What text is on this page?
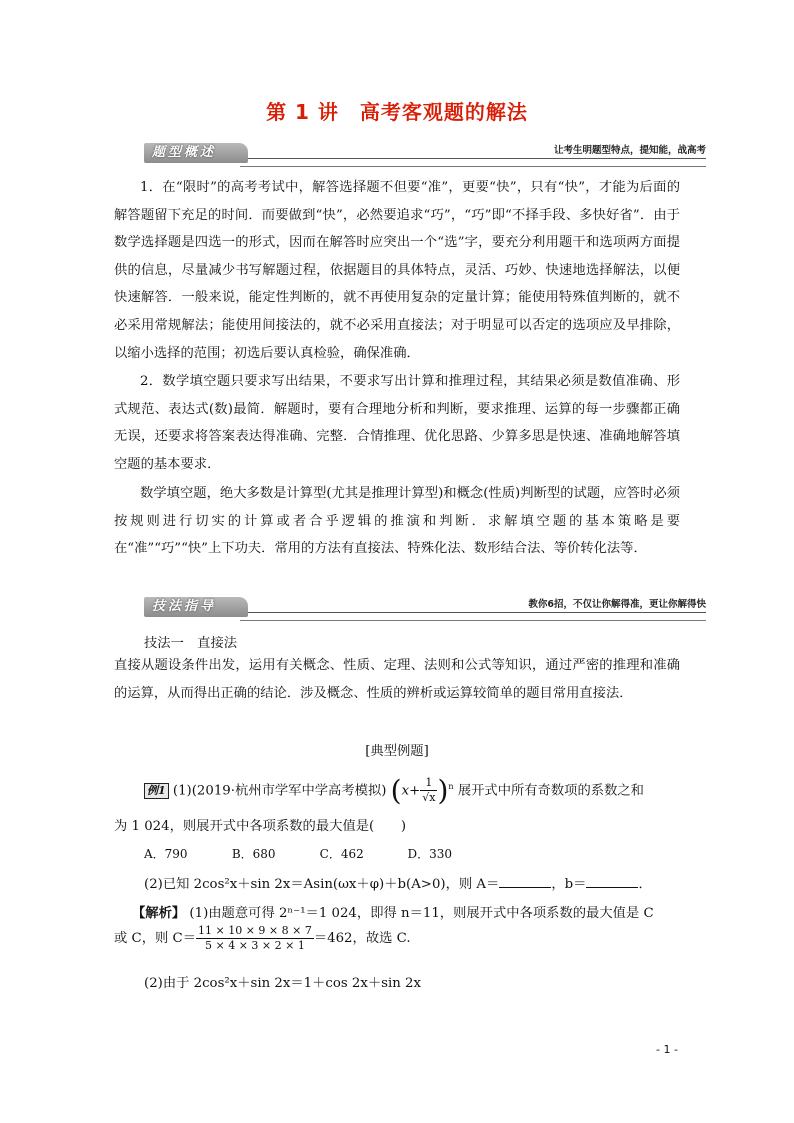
第 1 讲　高考客观题的解法
题型概述	让考生明题型特点，提知能，战高考

1．在“限时”的高考考试中，解答选择题不但要“准”，更要“快”，只有“快”，才能为后面的解答题留下充足的时间．而要做到“快”，必然要追求“巧”，“巧”即“不择手段、多快好省”．由于数学选择题是四选一的形式，因而在解答时应突出一个“选”字，要充分利用题干和选项两方面提供的信息，尽量减少书写解题过程，依据题目的具体特点，灵活、巧妙、快速地选择解法，以便快速解答．一般来说，能定性判断的，就不再使用复杂的定量计算；能使用特殊值判断的，就不必采用常规解法；能使用间接法的，就不必采用直接法；对于明显可以否定的选项应及早排除，以缩小选择的范围；初选后要认真检验，确保准确．

2．数学填空题只要求写出结果，不要求写出计算和推理过程，其结果必须是数值准确、形式规范、表达式(数)最简．解题时，要有合理地分析和判断，要求推理、运算的每一步骤都正确无误，还要求将答案表达得准确、完整．合情推理、优化思路、少算多思是快速、准确地解答填空题的基本要求．

数学填空题，绝大多数是计算型(尤其是推理计算型)和概念(性质)判断型的试题，应答时必须按规则进行切实的计算或者合乎逻辑的推演和判断．求解填空题的基本策略是要在“准”“巧”“快”上下功夫．常用的方法有直接法、特殊化法、数形结合法、等价转化法等．

技法指导	教你6招，不仅让你解得准，更让你解得快
技法一　直接法

直接从题设条件出发，运用有关概念、性质、定理、法则和公式等知识，通过严密的推理和准确的运算，从而得出正确的结论．涉及概念、性质的辨析或运算较简单的题目常用直接法．

[典型例题]
例1 (1)(2019·杭州市学军中学高考模拟) $(x+ \frac{1}{√x} )^n$ 展开式中所有奇数项的系数之和
为 1 024，则展开式中各项系数的最大值是(　　)
A．790	B．680	C．462	D．330
(2)已知 2cos²x＋sin 2x＝Asin(ωx＋φ)＋b(A>0)，则 A＝	，b＝	．
【解析】 (1)由题意可得 2ⁿ⁻¹＝1 024，即得 n＝11，则展开式中各项系数的最大值是 C
或 C，则 $C= \frac{11 \times 10 \times 9 \times 8 \times 7}{5 \times 4 \times 3 \times 2 \times 1} =462$，故选 C.
(2)由于 2cos²x＋sin 2x＝1＋cos 2x＋sin 2x
- 1 -
